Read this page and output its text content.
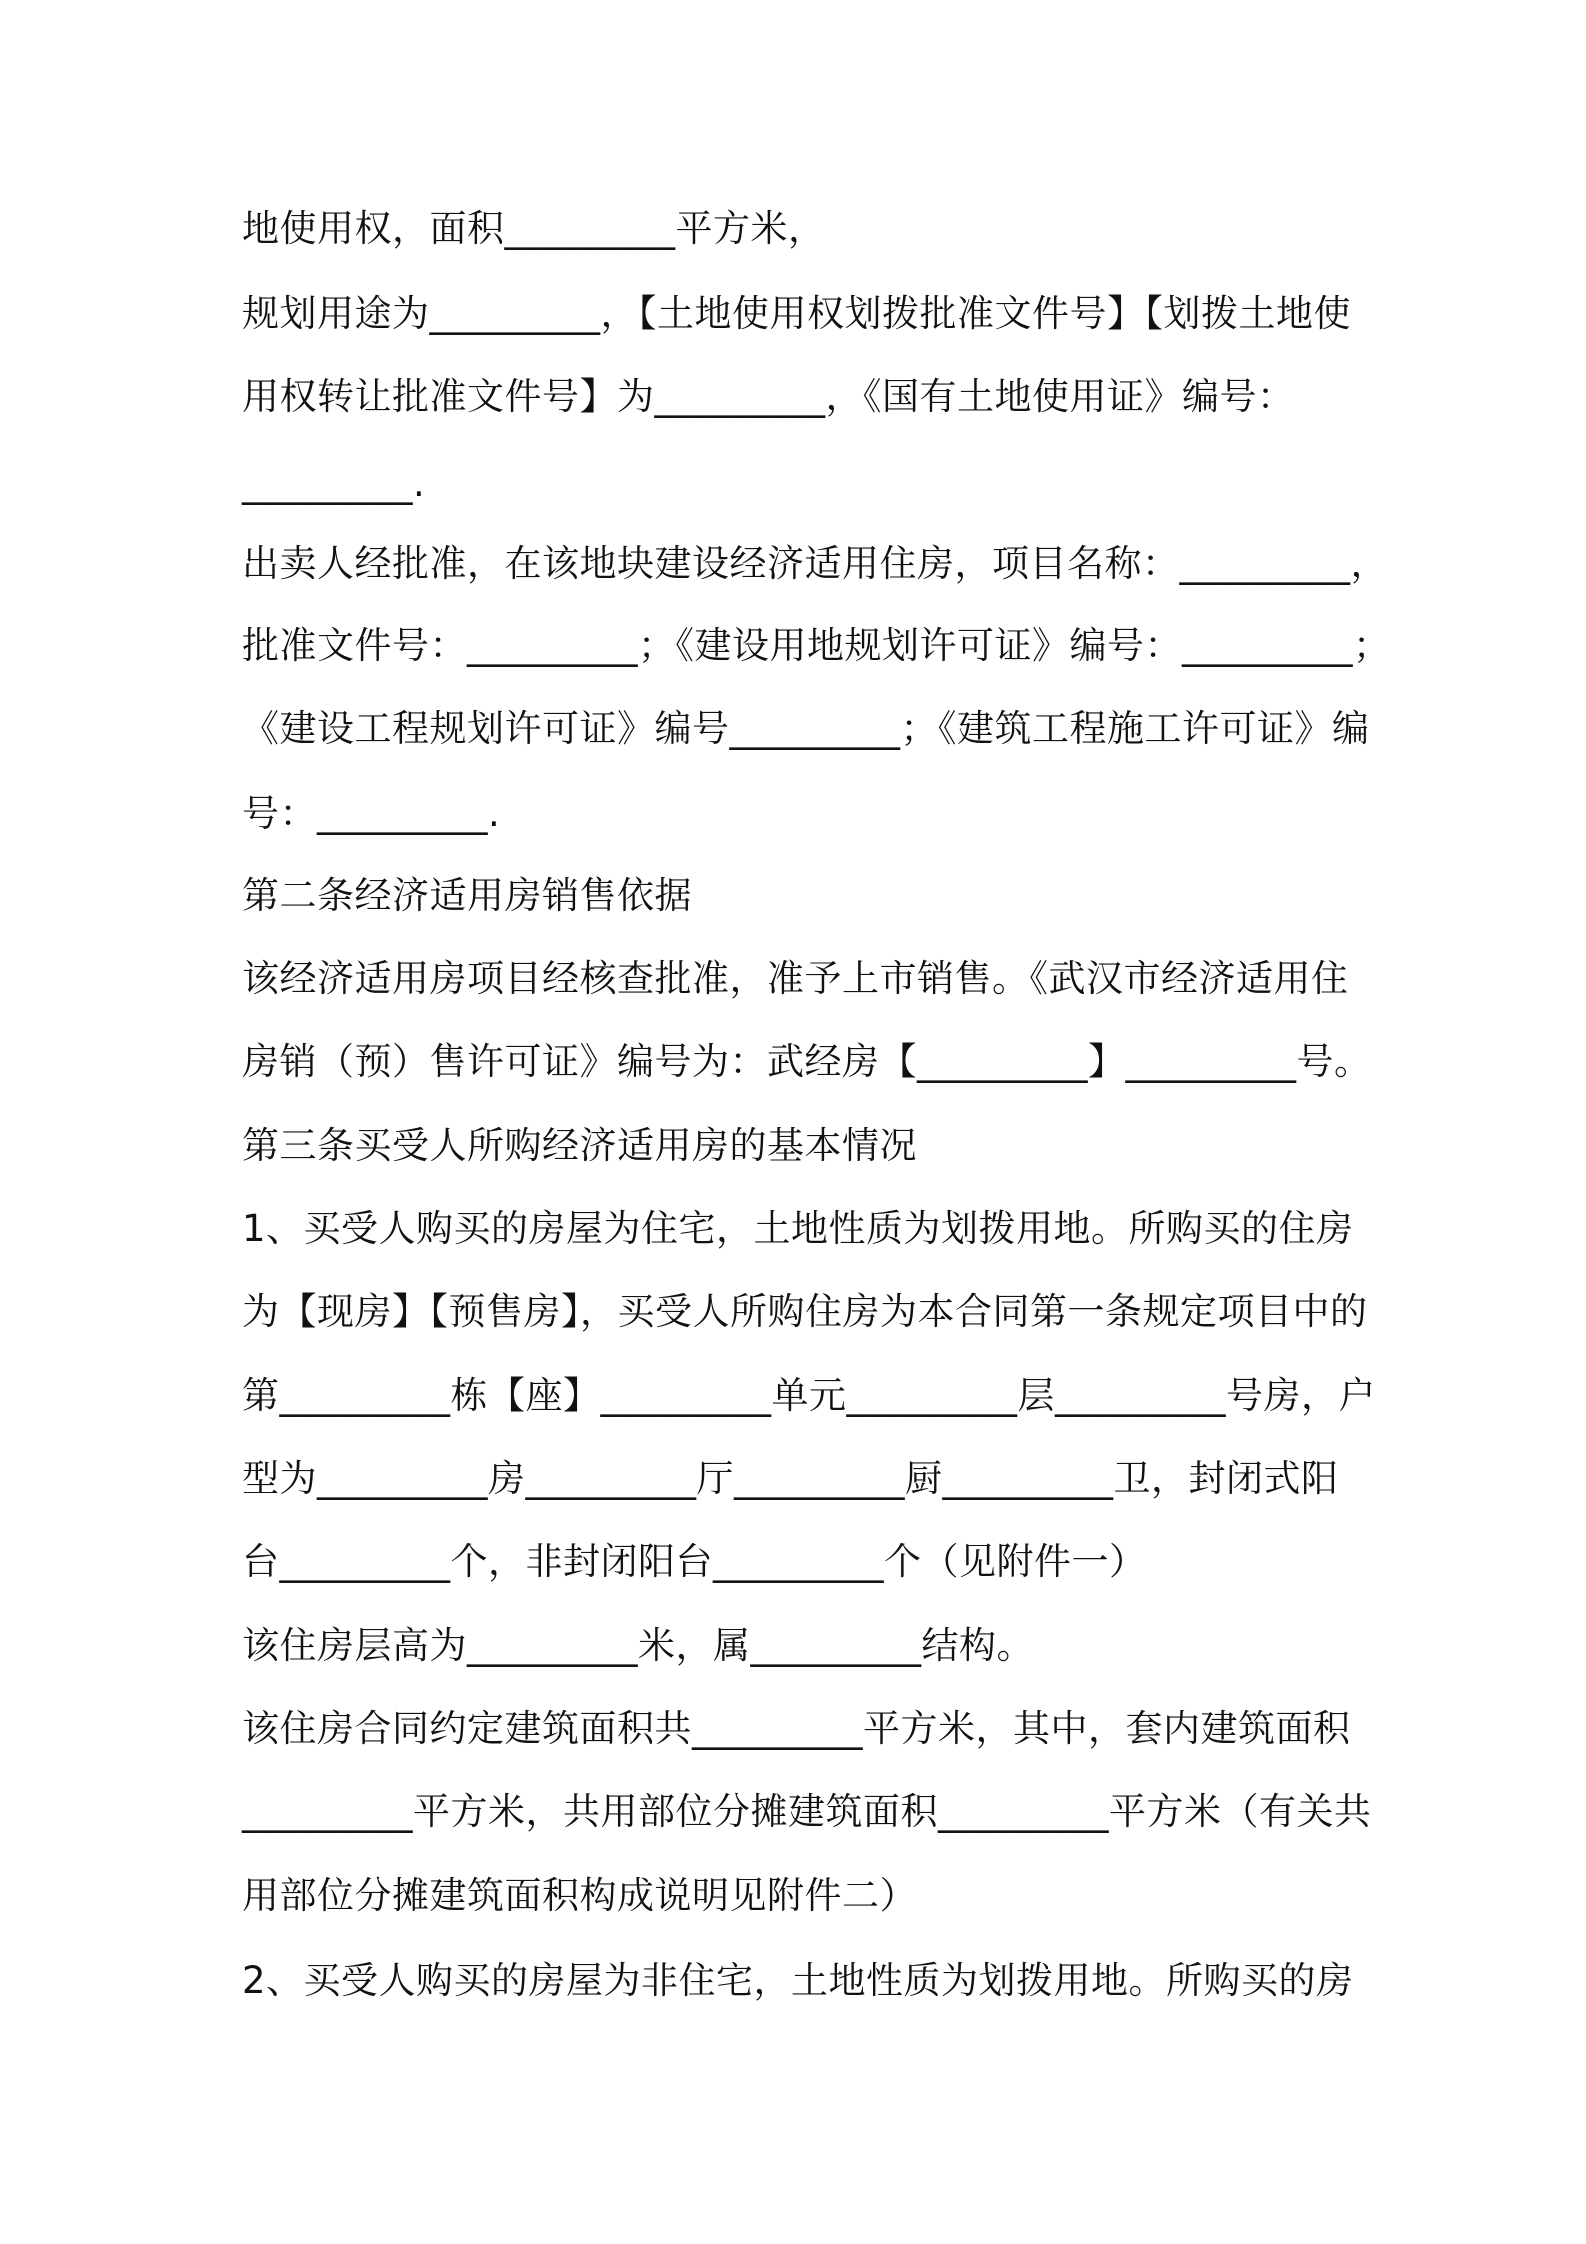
地使用权，面积_________平方米，
规划用途为_________，【土地使用权划拨批准文件号】【划拨土地使
用权转让批准文件号】为_________，《国有土地使用证》编号：
_________.
出卖人经批准，在该地块建设经济适用住房，项目名称：_________，
批准文件号：_________；《建设用地规划许可证》编号：_________；
《建设工程规划许可证》编号_________；《建筑工程施工许可证》编
号：_________.
第二条经济适用房销售依据
该经济适用房项目经核查批准，准予上市销售。《武汉市经济适用住
房销（预）售许可证》编号为：武经房【_________】_________号。
第三条买受人所购经济适用房的基本情况
1、买受人购买的房屋为住宅，土地性质为划拨用地。所购买的住房
为【现房】【预售房】，买受人所购住房为本合同第一条规定项目中的
第_________栋【座】_________单元_________层_________号房，户
型为_________房_________厅_________厨_________卫，封闭式阳
台_________个，非封闭阳台_________个（见附件一）
该住房层高为_________米，属_________结构。
该住房合同约定建筑面积共_________平方米，其中，套内建筑面积
_________平方米，共用部位分摊建筑面积_________平方米（有关共
用部位分摊建筑面积构成说明见附件二）
2、买受人购买的房屋为非住宅，土地性质为划拨用地。所购买的房
